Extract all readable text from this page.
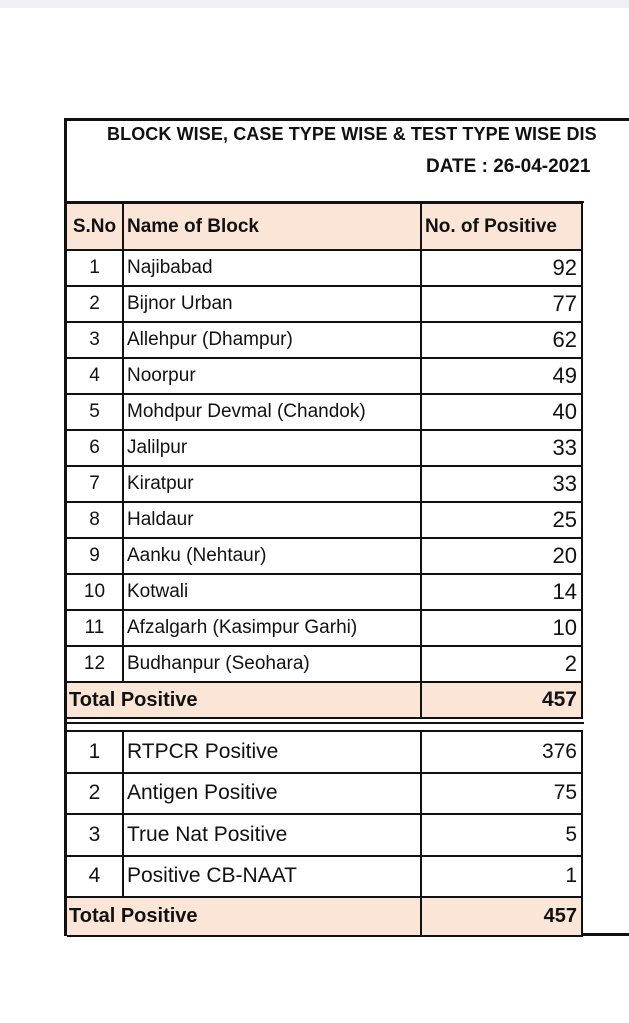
BLOCK WISE, CASE TYPE WISE & TEST TYPE WISE DIS
DATE : 26-04-2021
S.No	Name of Block	No. of Positive
1	Najibabad	92
2	Bijnor Urban	77
3	Allehpur (Dhampur)	62
4	Noorpur	49
5	Mohdpur Devmal (Chandok)	40
6	Jalilpur	33
7	Kiratpur	33
8	Haldaur	25
9	Aanku (Nehtaur)	20
10	Kotwali	14
11	Afzalgarh (Kasimpur Garhi)	10
12	Budhanpur (Seohara)	2
Total Positive		457
1	RTPCR Positive	376
2	Antigen Positive	75
3	True Nat Positive	5
4	Positive CB-NAAT	1
Total Positive		457
